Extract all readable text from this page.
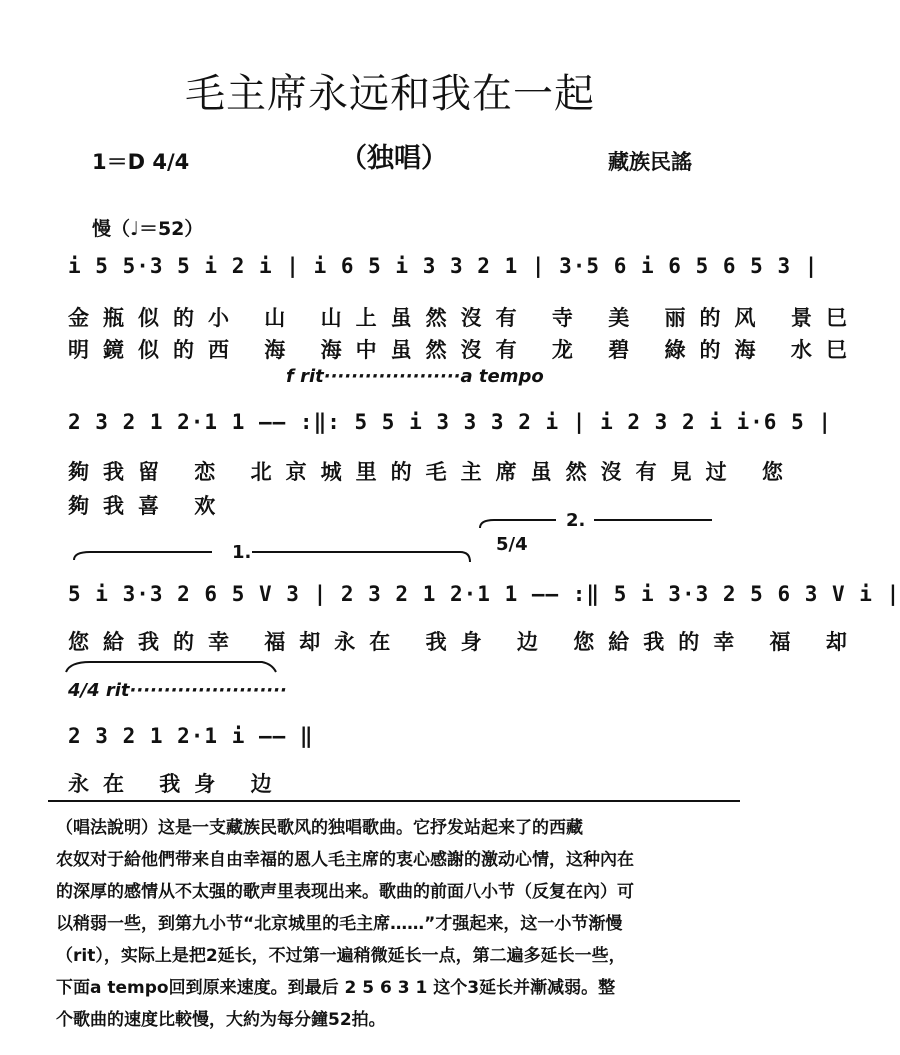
毛主席永远和我在一起
1＝D 4/4	（独唱）	藏族民謠
慢（♩＝52）
i 5 5·3 5 i 2 i | i 6 5 i 3 3 2 1 | 3·5 6 i 6 5 6 5 3 |
金瓶似的小 山 山上虽然沒有 寺 美 丽的风 景巳
明鏡似的西 海 海中虽然沒有 龙 碧 綠的海 水巳
f rit····················a tempo
2 3 2 1 2·1 1 —— :‖: 5 5 i 3 3 3 2 i | i 2 3 2 i i·6 5 |
夠我留 恋 北京城里的毛主席虽然沒有見过 您
夠我喜 欢
1.
2.
5/4
5 i 3·3 2 6 5 V 3 | 2 3 2 1 2·1 1 —— :‖ 5 i 3·3 2 5 6 3 V i |
您給我的幸 福却永在 我身 边 您給我的幸 福 却
4/4 rit·······················
2 3 2 1 2·1 i —— ‖
永在 我身 边
（唱法說明）这是一支藏族民歌风的独唱歌曲。它抒发站起来了的西藏
农奴对于給他們带来自由幸福的恩人毛主席的衷心感謝的激动心情，这种內在
的深厚的感情从不太强的歌声里表现出来。歌曲的前面八小节（反复在內）可
以稍弱一些，到第九小节“北京城里的毛主席……”才强起来，这一小节渐慢
（rit），实际上是把2延长，不过第一遍稍微延长一点，第二遍多延长一些，
下面a tempo回到原来速度。到最后 2 5 6 3 1 这个3延长并漸减弱。整
个歌曲的速度比較慢，大約为每分鐘52拍。
